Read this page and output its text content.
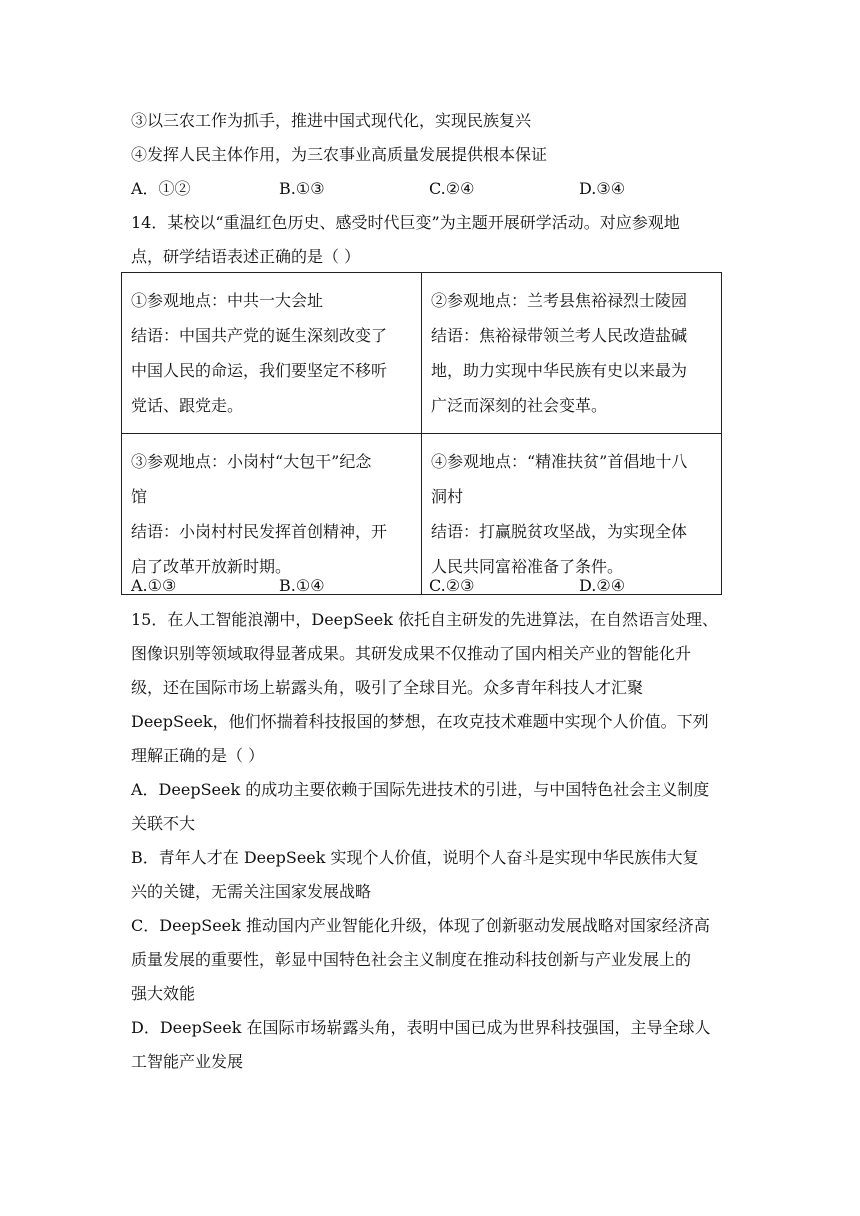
③以三农工作为抓手，推进中国式现代化，实现民族复兴
④发挥人民主体作用，为三农事业高质量发展提供根本保证
A．①②	B.①③	C.②④	D.③④
14．某校以“重温红色历史、感受时代巨变”为主题开展研学活动。对应参观地
点，研学结语表述正确的是（ ）
①参观地点：中共一大会址
结语：中国共产党的诞生深刻改变了
中国人民的命运，我们要坚定不移听
党话、跟党走。	②参观地点：兰考县焦裕禄烈士陵园
结语：焦裕禄带领兰考人民改造盐碱
地，助力实现中华民族有史以来最为
广泛而深刻的社会变革。

③参观地点：小岗村“大包干”纪念
馆
结语：小岗村村民发挥首创精神，开
启了改革开放新时期。	④参观地点：“精准扶贫”首倡地十八
洞村
结语：打赢脱贫攻坚战，为实现全体
人民共同富裕准备了条件。
A.①③	B.①④	C.②③	D.②④
15．在人工智能浪潮中，DeepSeek 依托自主研发的先进算法，在自然语言处理、
图像识别等领域取得显著成果。其研发成果不仅推动了国内相关产业的智能化升
级，还在国际市场上崭露头角，吸引了全球目光。众多青年科技人才汇聚
DeepSeek，他们怀揣着科技报国的梦想，在攻克技术难题中实现个人价值。下列
理解正确的是（ ）
A．DeepSeek 的成功主要依赖于国际先进技术的引进，与中国特色社会主义制度
关联不大
B．青年人才在 DeepSeek 实现个人价值，说明个人奋斗是实现中华民族伟大复
兴的关键，无需关注国家发展战略
C．DeepSeek 推动国内产业智能化升级，体现了创新驱动发展战略对国家经济高
质量发展的重要性，彰显中国特色社会主义制度在推动科技创新与产业发展上的
强大效能
D．DeepSeek 在国际市场崭露头角，表明中国已成为世界科技强国，主导全球人
工智能产业发展
